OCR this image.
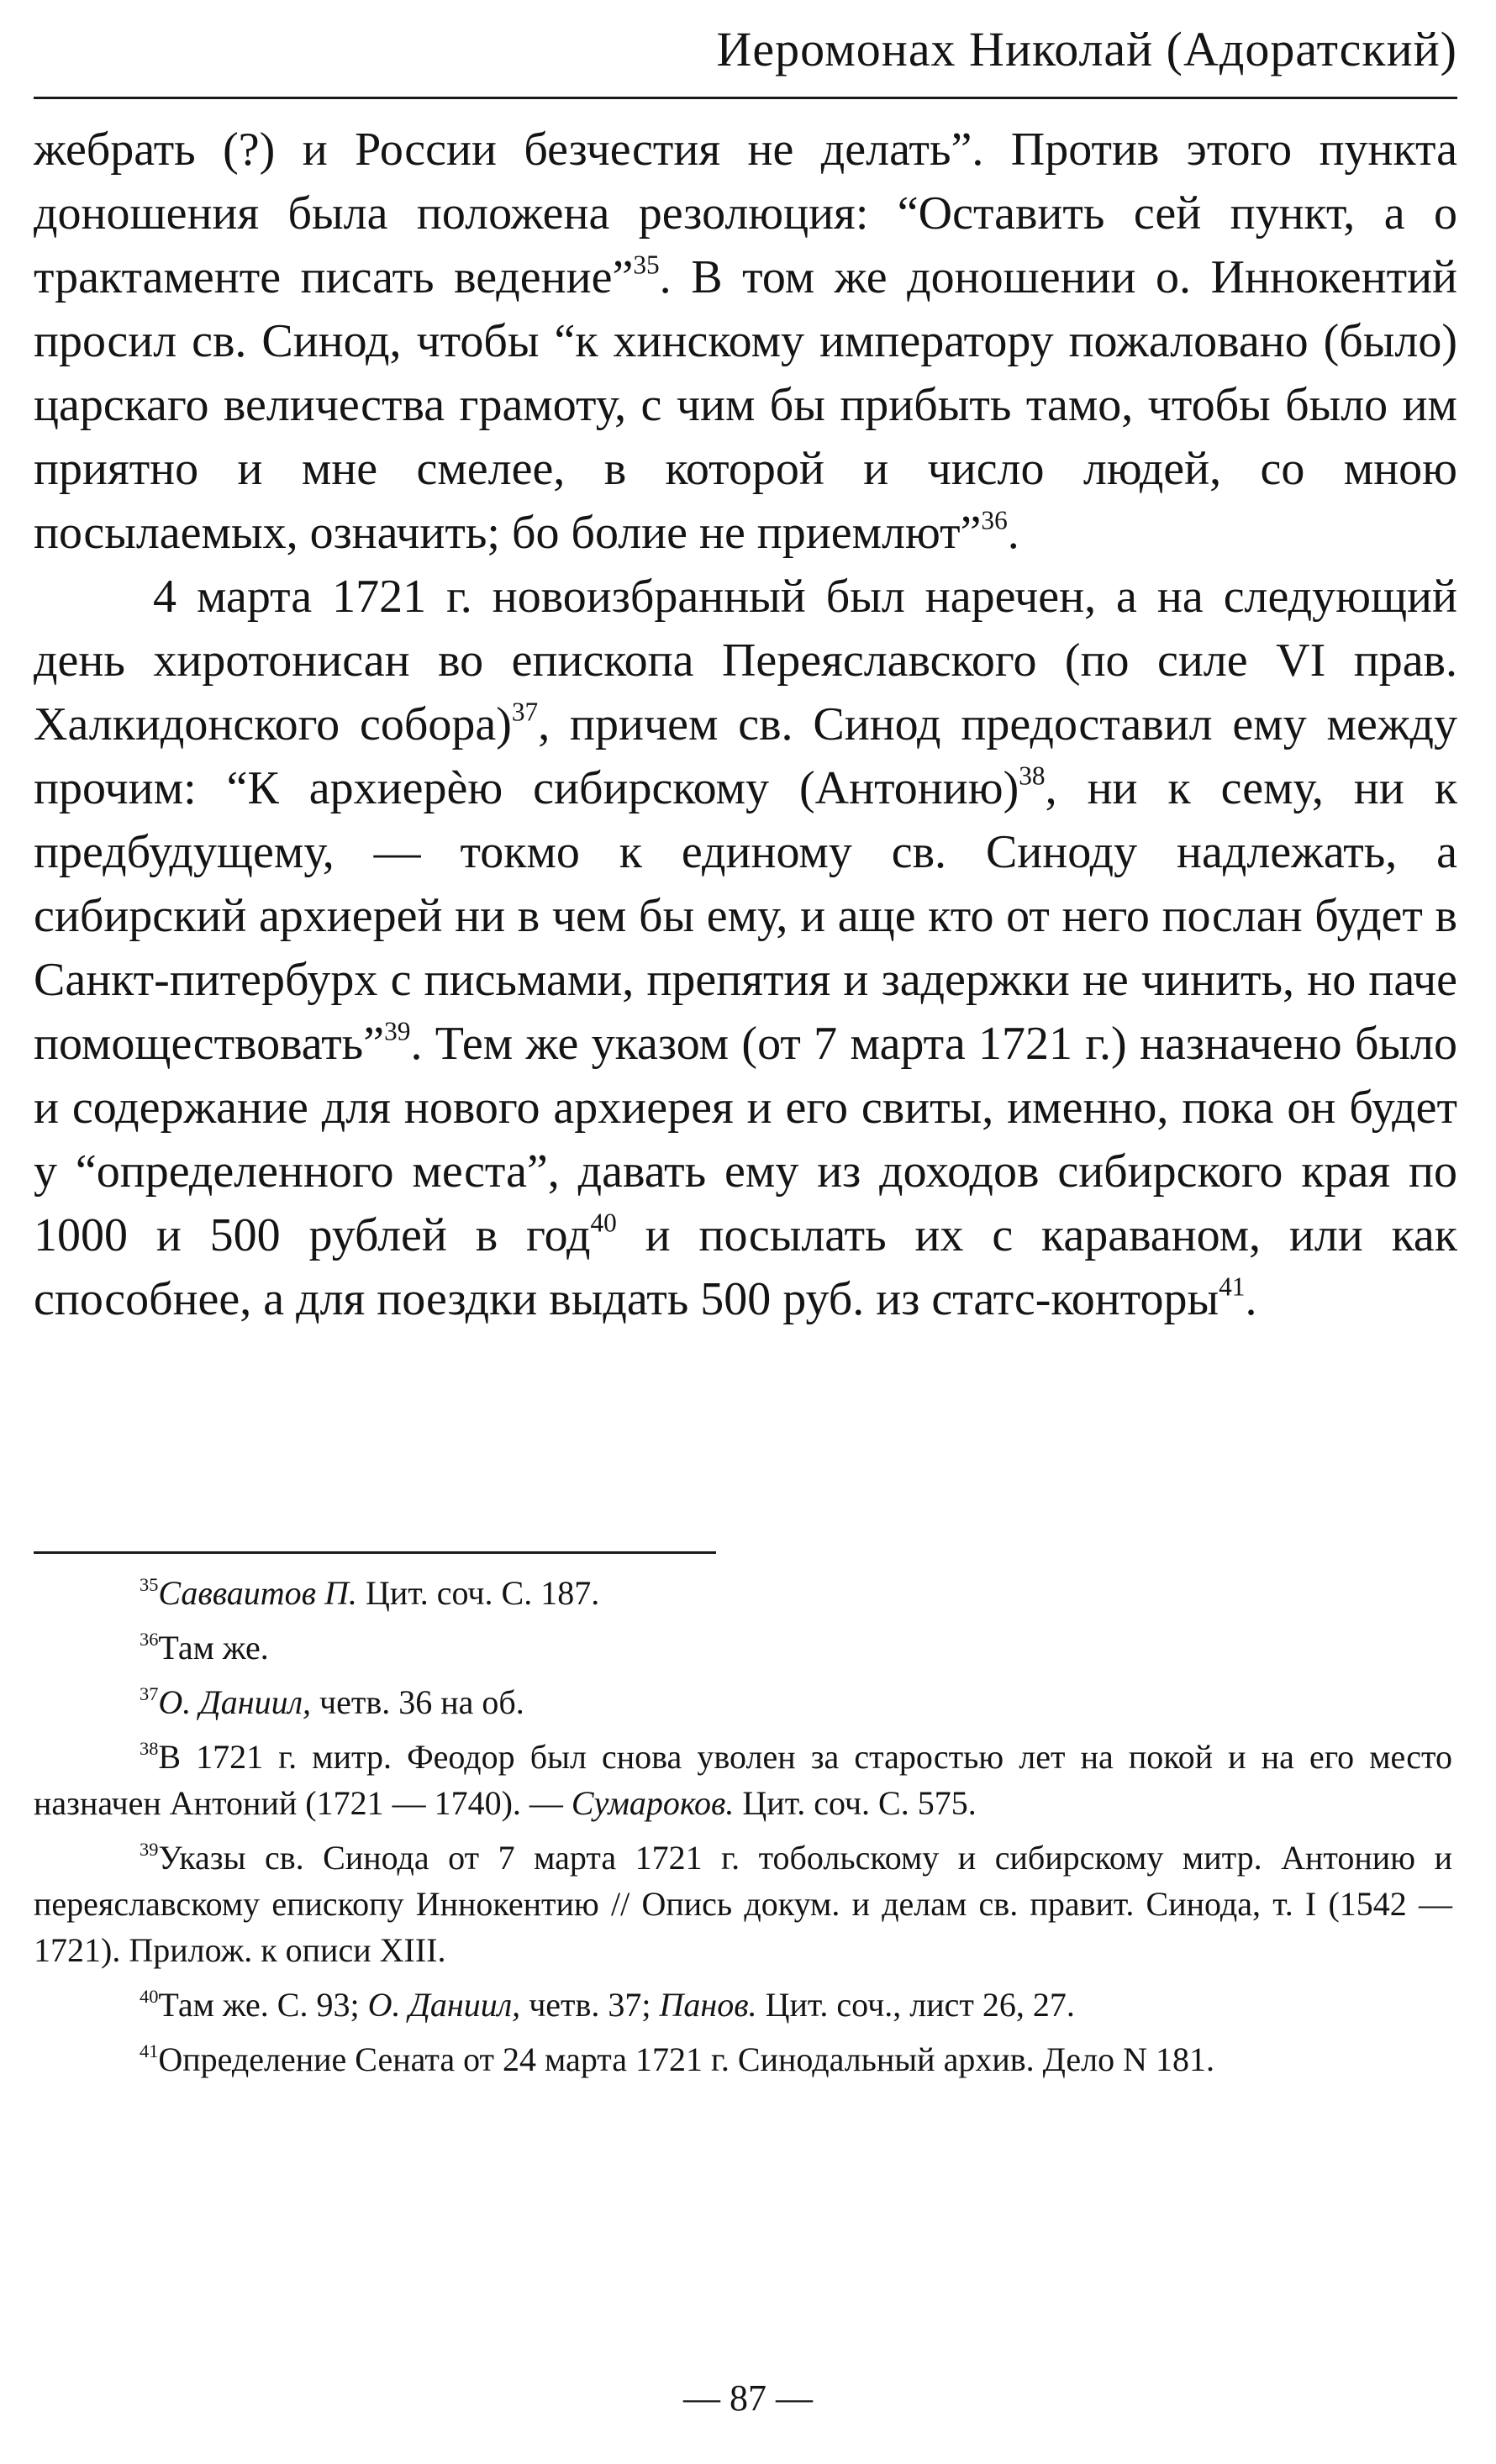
Иеромонах Николай (Адоратский)

жебрать (?) и России безчестия не делать”. Против этого пункта доношения была положена резолюция: “Оставить сей пункт, а о трактаменте писать ведение”$^{35}$. В том же доношении о. Иннокентий просил св. Синод, чтобы “к хинскому императору пожаловано (было) царскаго величества грамоту, с чим бы прибыть тамо, чтобы было им приятно и мне смелее, в которой и число людей, со мною посылаемых, означить; бо болие не приемлют”$^{36}$.

4 марта 1721 г. новоизбранный был наречен, а на следующий день хиротонисан во епископа Переяславского (по силе VI прав. Халкидонского собора)$^{37}$, причем св. Синод предоставил ему между прочим: “К архиерѐю сибирскому (Антонию)$^{38}$, ни к сему, ни к предбудущему, — токмо к единому св. Синоду надлежать, а сибирский архиерей ни в чем бы ему, и аще кто от него послан будет в Санкт-питербурх с письмами, препятия и задержки не чинить, но паче помоществовать”$^{39}$. Тем же указом (от 7 марта 1721 г.) назначено было и содержание для нового архиерея и его свиты, именно, пока он будет у “определенного места”, давать ему из доходов сибирского края по 1000 и 500 рублей в год$^{40}$ и посылать их с караваном, или как способнее, а для поездки выдать 500 руб. из статс-конторы$^{41}$.

$^{35}$Савваитов П. Цит. соч. С. 187.

$^{36}$Там же.

$^{37}$О. Даниил, четв. 36 на об.

$^{38}$В 1721 г. митр. Феодор был снова уволен за старостью лет на покой и на его место назначен Антоний (1721 — 1740). — Сумароков. Цит. соч. С. 575.

$^{39}$Указы св. Синода от 7 марта 1721 г. тобольскому и сибирскому митр. Антонию и переяславскому епископу Иннокентию // Опись докум. и делам св. правит. Синода, т. I (1542 — 1721). Прилож. к описи XIII.

$^{40}$Там же. С. 93; О. Даниил, четв. 37; Панов. Цит. соч., лист 26, 27.

$^{41}$Определение Сената от 24 марта 1721 г. Синодальный архив. Дело N 181.

— 87 —
